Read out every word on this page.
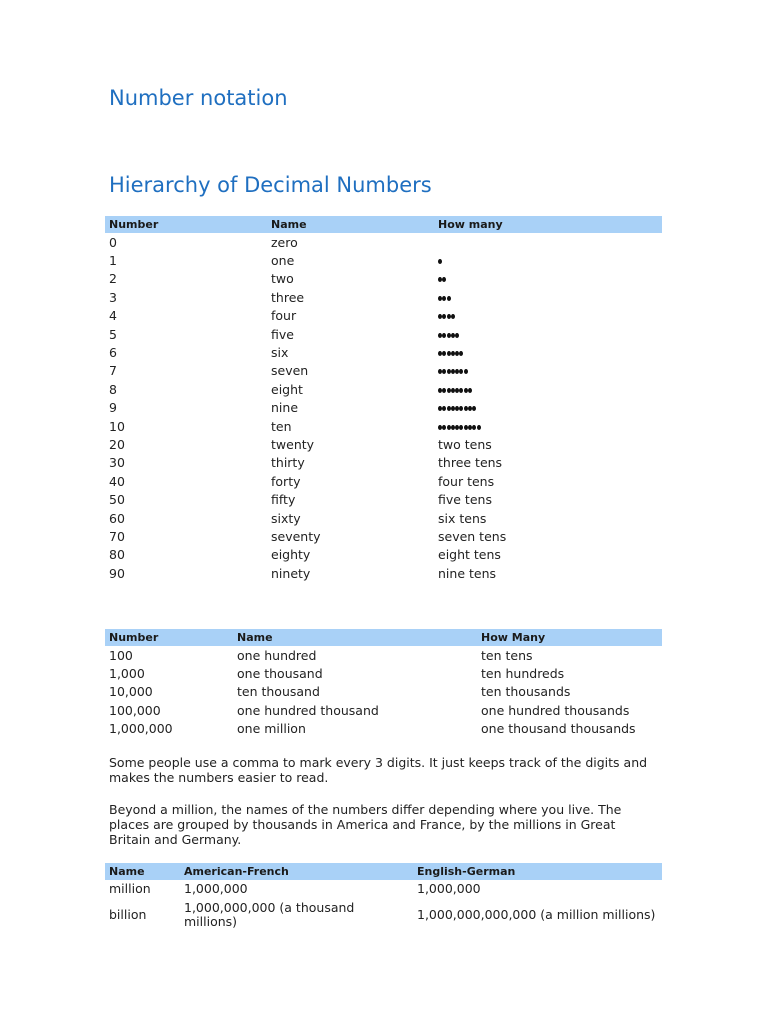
Number notation
Hierarchy of Decimal Numbers
Number	Name	How many
0	zero	
1	one	
2	two	
3	three	
4	four	
5	five	
6	six	
7	seven	
8	eight	
9	nine	
10	ten	
20	twenty	two tens
30	thirty	three tens
40	forty	four tens
50	fifty	five tens
60	sixty	six tens
70	seventy	seven tens
80	eighty	eight tens
90	ninety	nine tens
Number	Name	How Many
100	one hundred	ten tens
1,000	one thousand	ten hundreds
10,000	ten thousand	ten thousands
100,000	one hundred thousand	one hundred thousands
1,000,000	one million	one thousand thousands

Some people use a comma to mark every 3 digits. It just keeps track of the digits and makes the numbers easier to read.

Beyond a million, the names of the numbers differ depending where you live. The places are grouped by thousands in America and France, by the millions in Great Britain and Germany.

Name	American-French	English-German
million	1,000,000	1,000,000
billion	1,000,000,000 (a thousand millions)	1,000,000,000,000 (a million millions)
